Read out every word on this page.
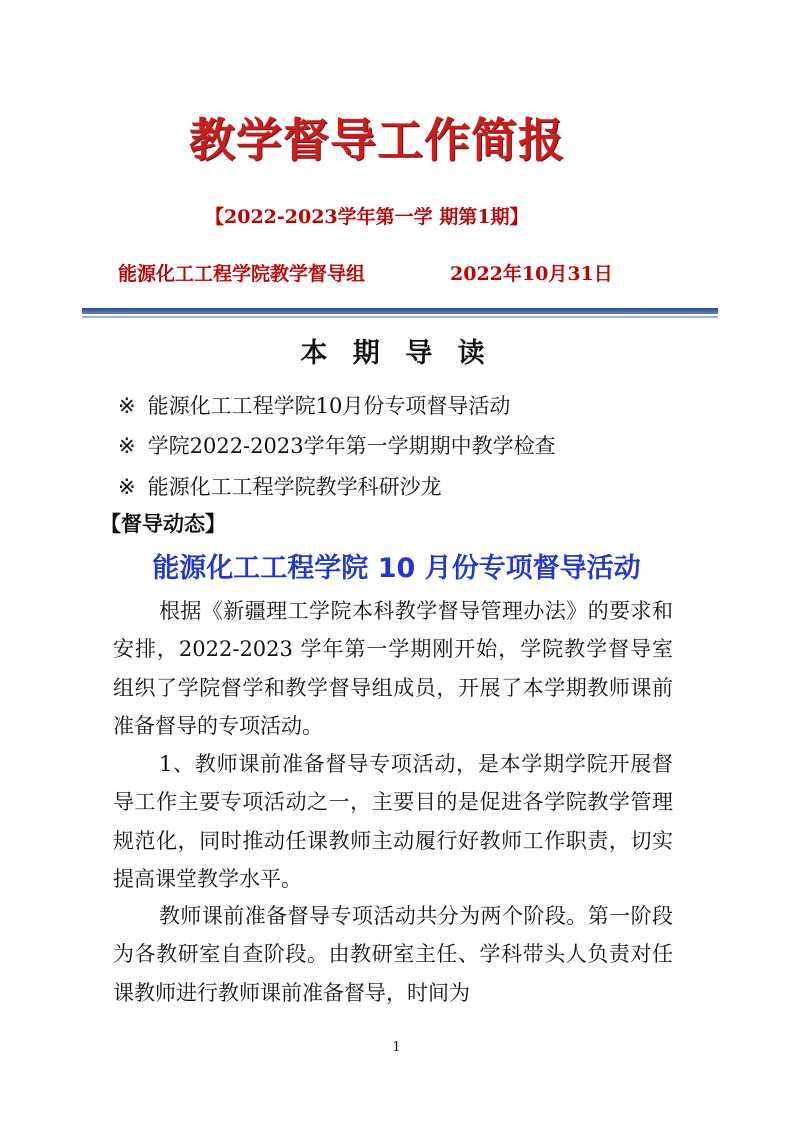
教学督导工作简报
【2022-2023学年第一学 期第1期】
能源化工工程学院教学督导组	2022年10月31日
本 期 导 读
※ 能源化工工程学院10月份专项督导活动
※ 学院2022-2023学年第一学期期中教学检查
※ 能源化工工程学院教学科研沙龙
【督导动态】
能源化工工程学院 10 月份专项督导活动
根据《新疆理工学院本科教学督导管理办法》的要求和安排，2022-2023 学年第一学期刚开始，学院教学督导室组织了学院督学和教学督导组成员，开展了本学期教师课前准备督导的专项活动。
1、教师课前准备督导专项活动，是本学期学院开展督导工作主要专项活动之一，主要目的是促进各学院教学管理规范化，同时推动任课教师主动履行好教师工作职责，切实提高课堂教学水平。
教师课前准备督导专项活动共分为两个阶段。第一阶段为各教研室自查阶段。由教研室主任、学科带头人负责对任课教师进行教师课前准备督导，时间为
1
